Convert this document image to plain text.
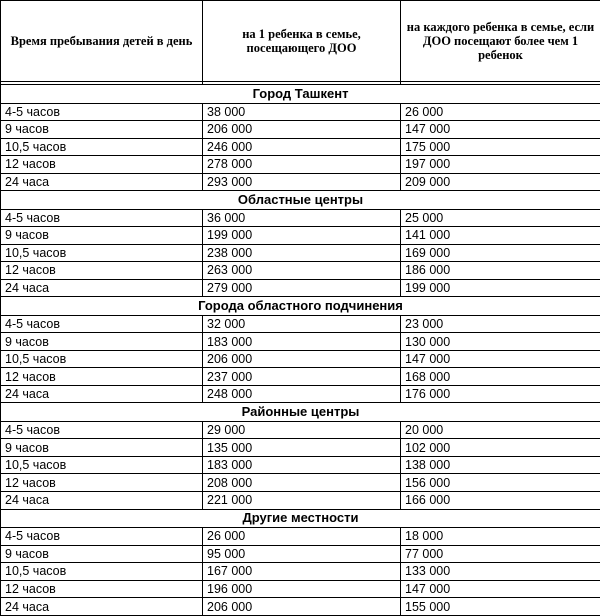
Время пребывания детей в день	на 1 ребенка в семье, посещающего ДОО	на каждого ребенка в семье, если ДОО посещают более чем 1 ребенок

Город Ташкент		
4-5 часов	38 000	26 000
9 часов	206 000	147 000
10,5 часов	246 000	175 000
12 часов	278 000	197 000
24 часа	293 000	209 000
Областные центры		
4-5 часов	36 000	25 000
9 часов	199 000	141 000
10,5 часов	238 000	169 000
12 часов	263 000	186 000
24 часа	279 000	199 000
Города областного подчинения		
4-5 часов	32 000	23 000
9 часов	183 000	130 000
10,5 часов	206 000	147 000
12 часов	237 000	168 000
24 часа	248 000	176 000
Районные центры		
4-5 часов	29 000	20 000
9 часов	135 000	102 000
10,5 часов	183 000	138 000
12 часов	208 000	156 000
24 часа	221 000	166 000
Другие местности		
4-5 часов	26 000	18 000
9 часов	95 000	77 000
10,5 часов	167 000	133 000
12 часов	196 000	147 000
24 часа	206 000	155 000
